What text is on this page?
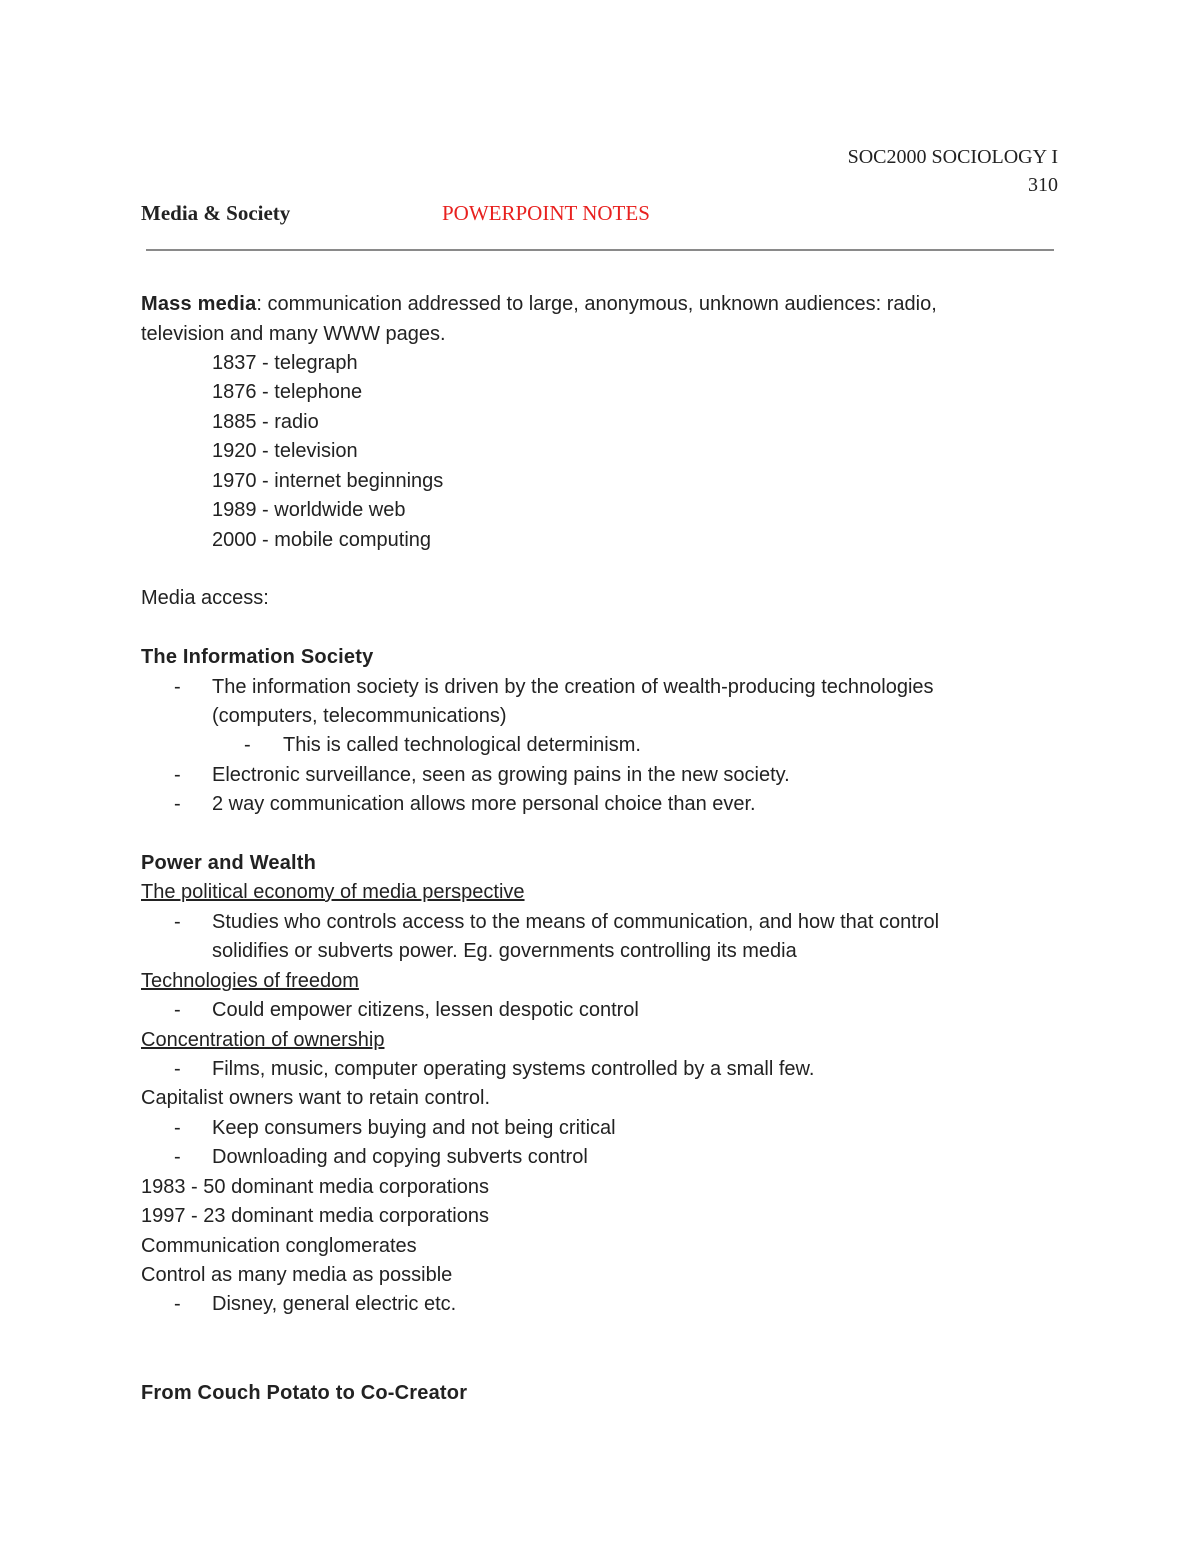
SOC2000 SOCIOLOGY I
310
Media & Society	POWERPOINT NOTES
Mass media: communication addressed to large, anonymous, unknown audiences: radio,
television and many WWW pages.
1837 - telegraph
1876 - telephone
1885 - radio
1920 - television
1970 - internet beginnings
1989 - worldwide web
2000 - mobile computing
Media access:
The Information Society
- The information society is driven by the creation of wealth-producing technologies
(computers, telecommunications)
- This is called technological determinism.
- Electronic surveillance, seen as growing pains in the new society.
- 2 way communication allows more personal choice than ever.
Power and Wealth
The political economy of media perspective
- Studies who controls access to the means of communication, and how that control
solidifies or subverts power. Eg. governments controlling its media
Technologies of freedom
- Could empower citizens, lessen despotic control
Concentration of ownership
- Films, music, computer operating systems controlled by a small few.
Capitalist owners want to retain control.
- Keep consumers buying and not being critical
- Downloading and copying subverts control
1983 - 50 dominant media corporations
1997 - 23 dominant media corporations
Communication conglomerates
Control as many media as possible
- Disney, general electric etc.
From Couch Potato to Co-Creator
